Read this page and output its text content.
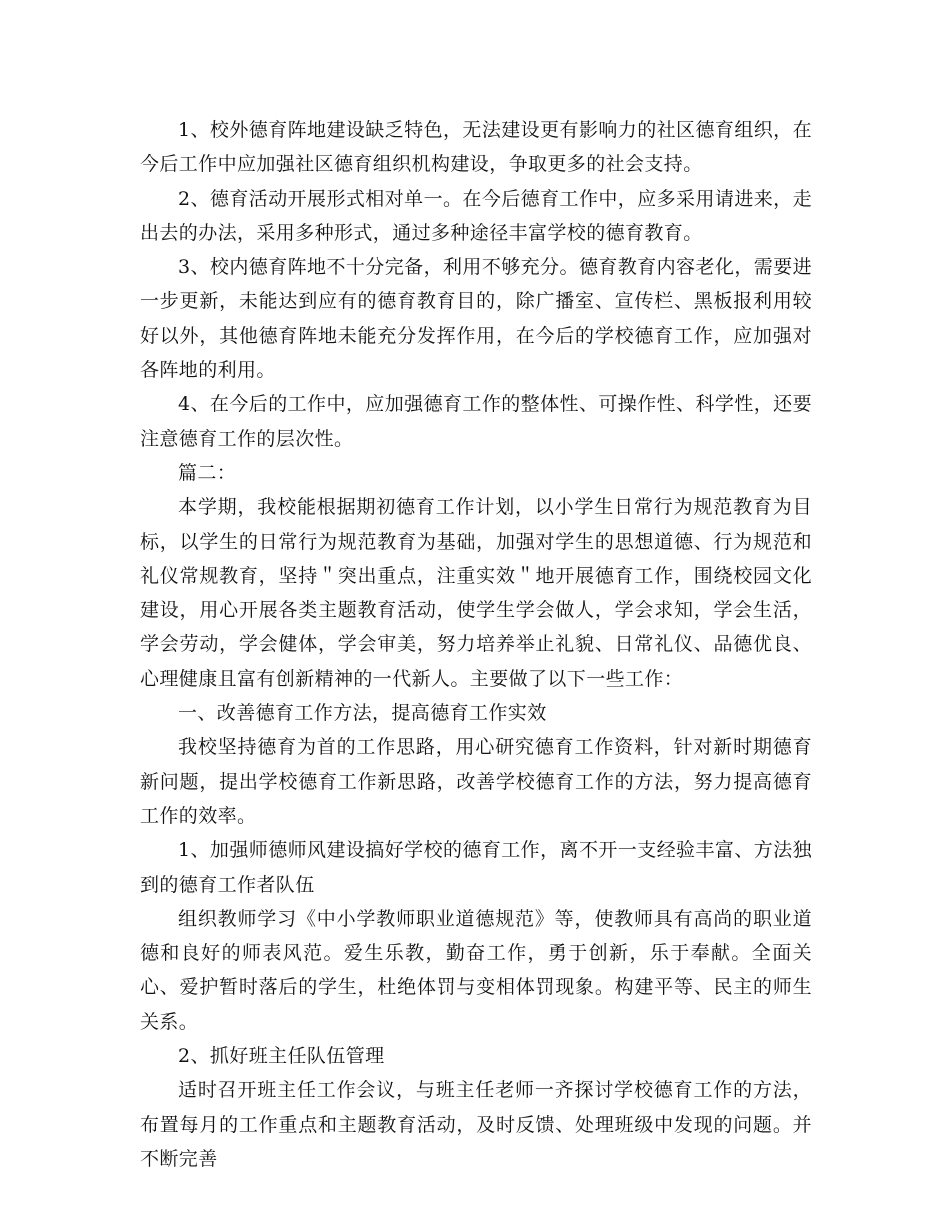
1、校外德育阵地建设缺乏特色，无法建设更有影响力的社区德育组织，在今后工作中应加强社区德育组织机构建设，争取更多的社会支持。

2、德育活动开展形式相对单一。在今后德育工作中，应多采用请进来，走出去的办法，采用多种形式，通过多种途径丰富学校的德育教育。

3、校内德育阵地不十分完备，利用不够充分。德育教育内容老化，需要进一步更新，未能达到应有的德育教育目的，除广播室、宣传栏、黑板报利用较好以外，其他德育阵地未能充分发挥作用，在今后的学校德育工作，应加强对各阵地的利用。

4、在今后的工作中，应加强德育工作的整体性、可操作性、科学性，还要注意德育工作的层次性。

篇二：

本学期，我校能根据期初德育工作计划，以小学生日常行为规范教育为目标，以学生的日常行为规范教育为基础，加强对学生的思想道德、行为规范和礼仪常规教育，坚持＂突出重点，注重实效＂地开展德育工作，围绕校园文化建设，用心开展各类主题教育活动，使学生学会做人，学会求知，学会生活，学会劳动，学会健体，学会审美，努力培养举止礼貌、日常礼仪、品德优良、心理健康且富有创新精神的一代新人。主要做了以下一些工作：

一、改善德育工作方法，提高德育工作实效

我校坚持德育为首的工作思路，用心研究德育工作资料，针对新时期德育新问题，提出学校德育工作新思路，改善学校德育工作的方法，努力提高德育工作的效率。

1、加强师德师风建设搞好学校的德育工作，离不开一支经验丰富、方法独到的德育工作者队伍

组织教师学习《中小学教师职业道德规范》等，使教师具有高尚的职业道德和良好的师表风范。爱生乐教，勤奋工作，勇于创新，乐于奉献。全面关心、爱护暂时落后的学生，杜绝体罚与变相体罚现象。构建平等、民主的师生关系。

2、抓好班主任队伍管理

适时召开班主任工作会议，与班主任老师一齐探讨学校德育工作的方法，布置每月的工作重点和主题教育活动，及时反馈、处理班级中发现的问题。并不断完善
